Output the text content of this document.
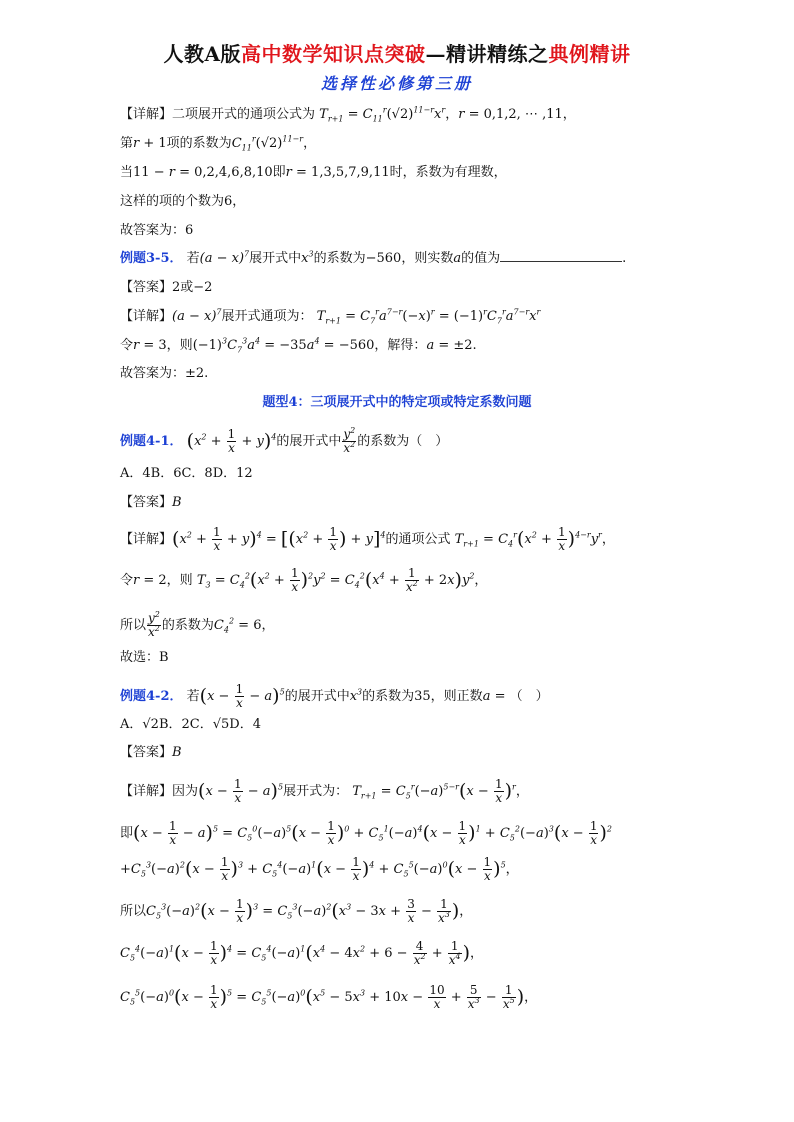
人教A版高中数学知识点突破—精讲精练之典例精讲
选择性必修第三册
【详解】二项展开式的通项公式为 $T_{r+1} = C_{11}^r(√2)^{11-r}x^r$，r = 0,1,2, ⋯ ,11，
第r + 1项的系数为$C_{11}^r(√2)^{11-r}$，
当11 − r = 0,2,4,6,8,10即r = 1,3,5,7,9,11时，系数为有理数，
这样的项的个数为6，
故答案为：6
例题3-5． 若$(a - x)^7$展开式中$x^3$的系数为−560，则实数a的值为	.
【答案】2或−2
【详解】$(a - x)^7$展开式通项为： $T_{r+1} = C_7^ra^{7-r}(-x)^r = (-1)^rC_7^ra^{7-r}x^r$
令r = 3，则$(-1)^3C_7^3a^4 = -35a^4 = -560$，解得：a = ±2.
故答案为：±2.
题型4：三项展开式中的特定项或特定系数问题
例题4-1． $(x^2 + \frac{1}{x} + y)^4$的展开式中 $\frac{y^2}{x^2}$ 的系数为（　）
A．4B．6C．8D．12
【答案】B
【详解】$(x^2 + \frac{1}{x} + y)^4 = [(x^2 + \frac{1}{x}$ ) + y]$^4$的通项公式 $T_{r+1} = C_4^r(x^2 + \frac{1}{x} )^{4-r}y^r$，
令r = 2，则 $T_3 = C_4^2(x^2 + \frac{1}{x} )^2y^2 = C_4^2(x^4 + \frac{1}{x^2} + 2x)y^2$，
所以 $\frac{y^2}{x^2}$ 的系数为$C_4^2 = 6$，
故选：B
例题4-2． 若$(x - \frac{1}{x} - a)^5$的展开式中$x^3$的系数为35，则正数a = （　）
A．√2B．2C．√5D．4
【答案】B
【详解】因为$(x - \frac{1}{x} - a)^5$展开式为： $T_{r+1} = C_5^r(-a)^{5-r}(x - \frac{1}{x} )^r$，
即$(x - \frac{1}{x} - a)^5 = C_5^0(-a)^5(x - \frac{1}{x} )^0 + C_5^1(-a)^4(x - \frac{1}{x} )^1 + C_5^2(-a)^3(x - \frac{1}{x} )^2$
$+C_5^3(-a)^2(x - \frac{1}{x} )^3 + C_5^4(-a)^1(x - \frac{1}{x} )^4 + C_5^5(-a)^0(x - \frac{1}{x} )^5$，
所以$C_5^3(-a)^2(x - \frac{1}{x} )^3 = C_5^3(-a)^2(x^3 - 3x + \frac{3}{x} - \frac{1}{x^3}$ )，
$C_5^4(-a)^1(x - \frac{1}{x} )^4 = C_5^4(-a)^1(x^4 - 4x^2 + 6 - \frac{4}{x^2} + \frac{1}{x^4}$ )，
$C_5^5(-a)^0(x - \frac{1}{x} )^5 = C_5^5(-a)^0(x^5 - 5x^3 + 10x - \frac{10}{x} + \frac{5}{x^3} - \frac{1}{x^5}$ )，
